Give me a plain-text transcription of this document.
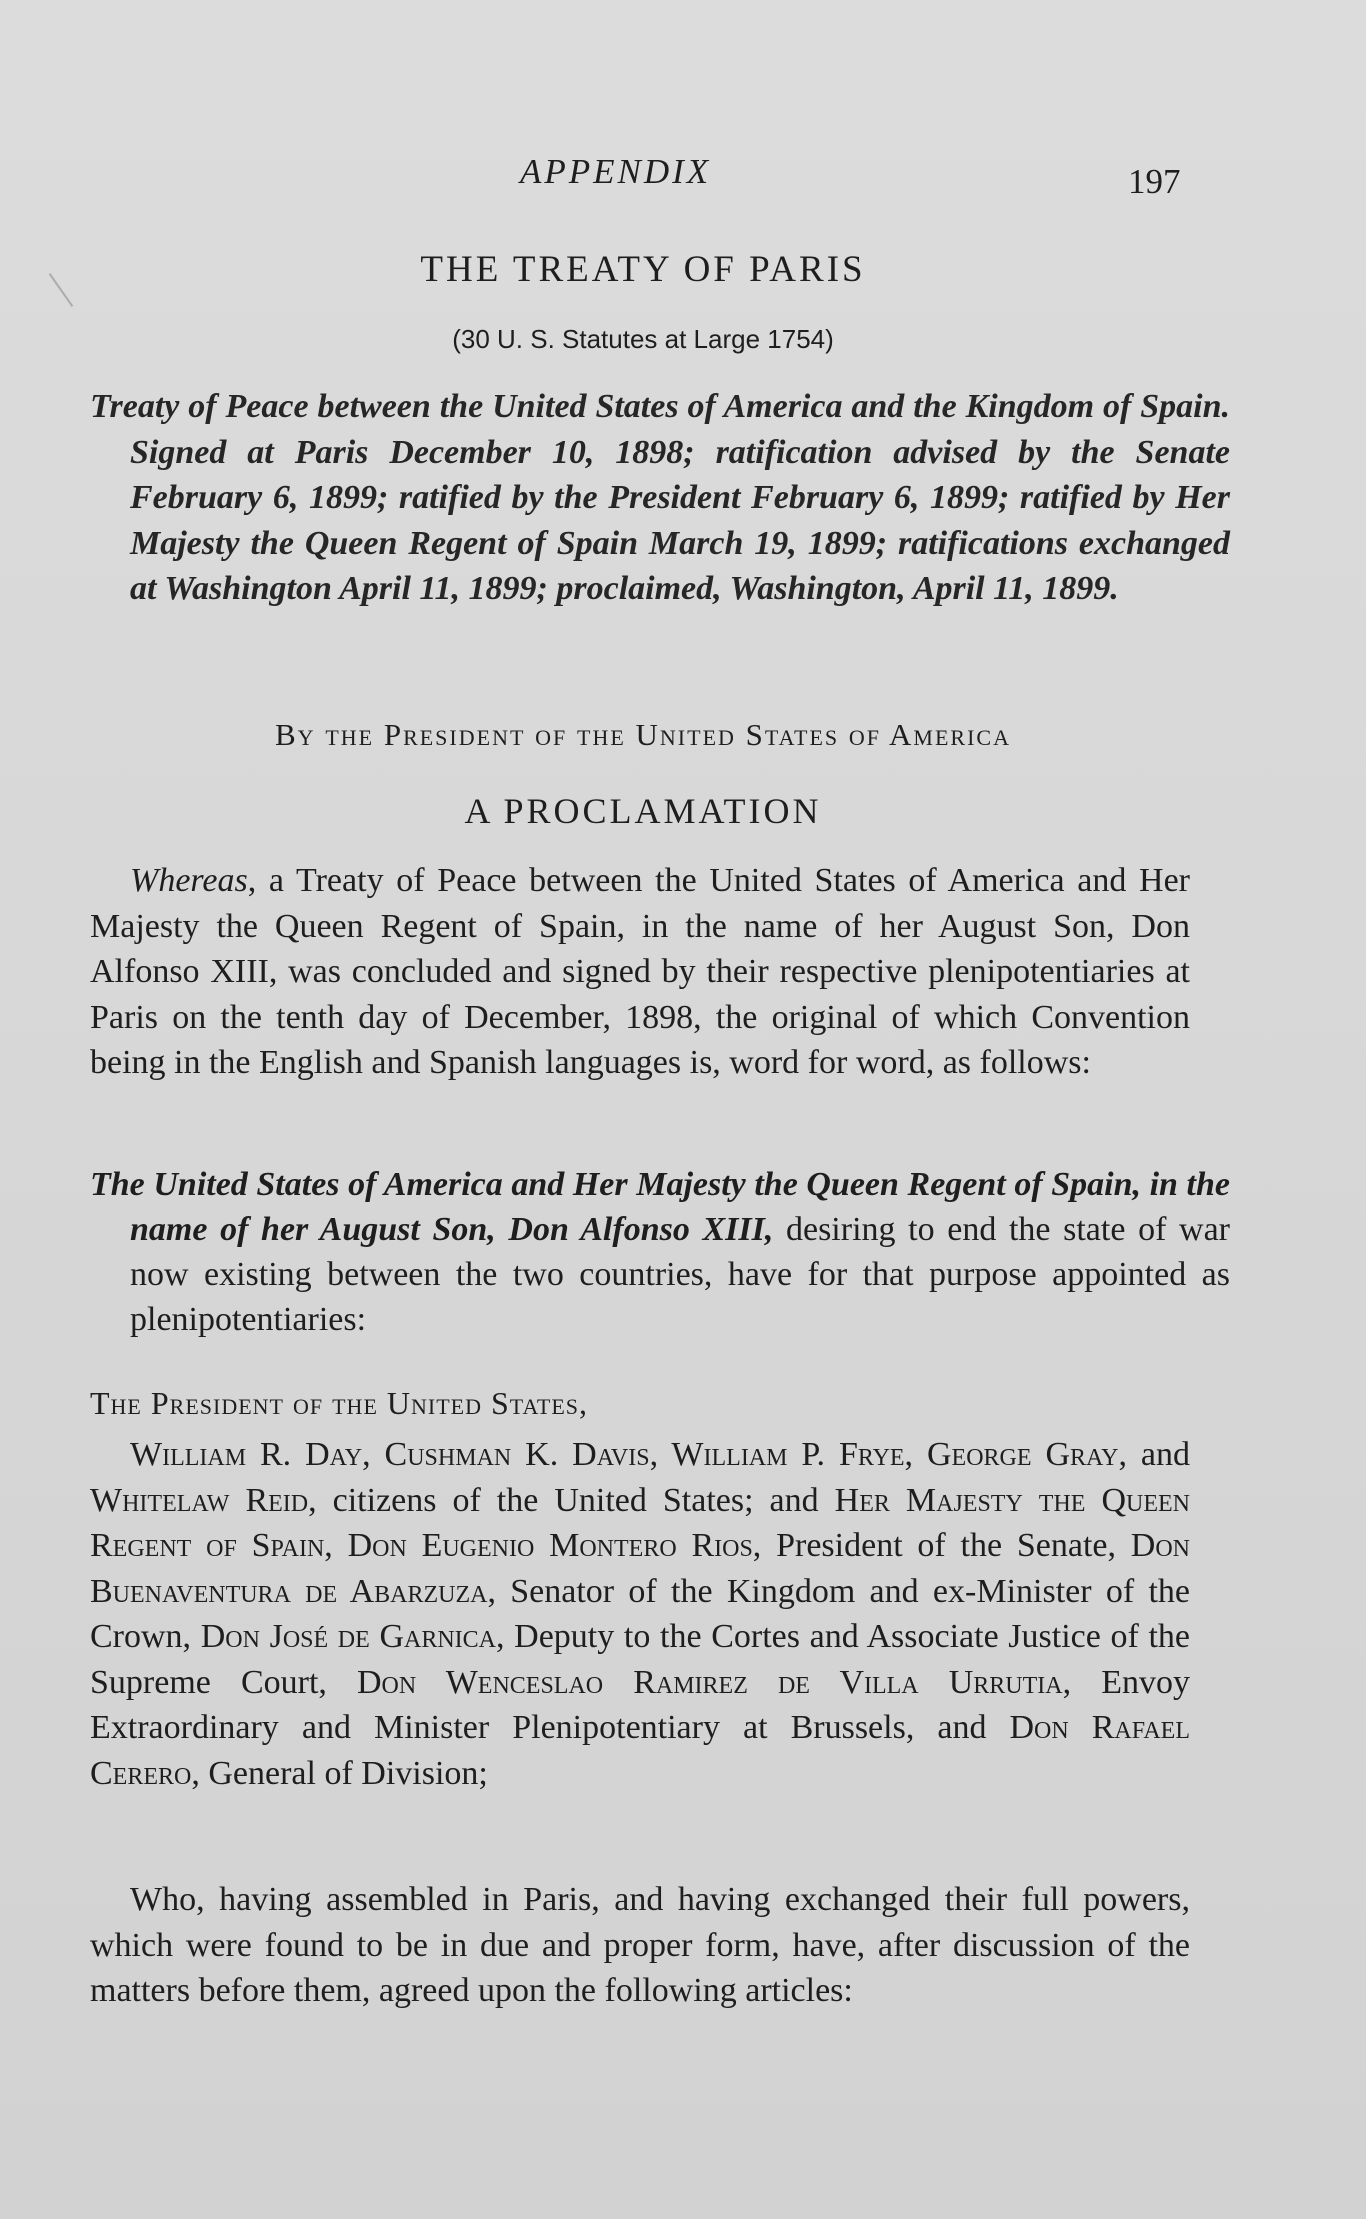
APPENDIX	197
THE TREATY OF PARIS
(30 U. S. Statutes at Large 1754)
Treaty of Peace between the United States of America and the Kingdom of Spain. Signed at Paris December 10, 1898; ratification advised by the Senate February 6, 1899; ratified by the President February 6, 1899; ratified by Her Majesty the Queen Regent of Spain March 19, 1899; ratifications exchanged at Washington April 11, 1899; proclaimed, Washington, April 11, 1899.
By the President of the United States of America
A PROCLAMATION
Whereas, a Treaty of Peace between the United States of America and Her Majesty the Queen Regent of Spain, in the name of her August Son, Don Alfonso XIII, was concluded and signed by their respective plenipotentiaries at Paris on the tenth day of December, 1898, the original of which Convention being in the English and Spanish languages is, word for word, as follows:
The United States of America and Her Majesty the Queen Regent of Spain, in the name of her August Son, Don Alfonso XIII, desiring to end the state of war now existing between the two countries, have for that purpose appointed as plenipotentiaries:
The President of the United States,
William R. Day, Cushman K. Davis, William P. Frye, George Gray, and Whitelaw Reid, citizens of the United States; and Her Majesty the Queen Regent of Spain, Don Eugenio Montero Rios, President of the Senate, Don Buenaventura de Abarzuza, Senator of the Kingdom and ex-Minister of the Crown, Don José de Garnica, Deputy to the Cortes and Associate Justice of the Supreme Court, Don Wenceslao Ramirez de Villa Urrutia, Envoy Extraordinary and Minister Plenipotentiary at Brussels, and Don Rafael Cerero, General of Division;
Who, having assembled in Paris, and having exchanged their full powers, which were found to be in due and proper form, have, after discussion of the matters before them, agreed upon the following articles:
